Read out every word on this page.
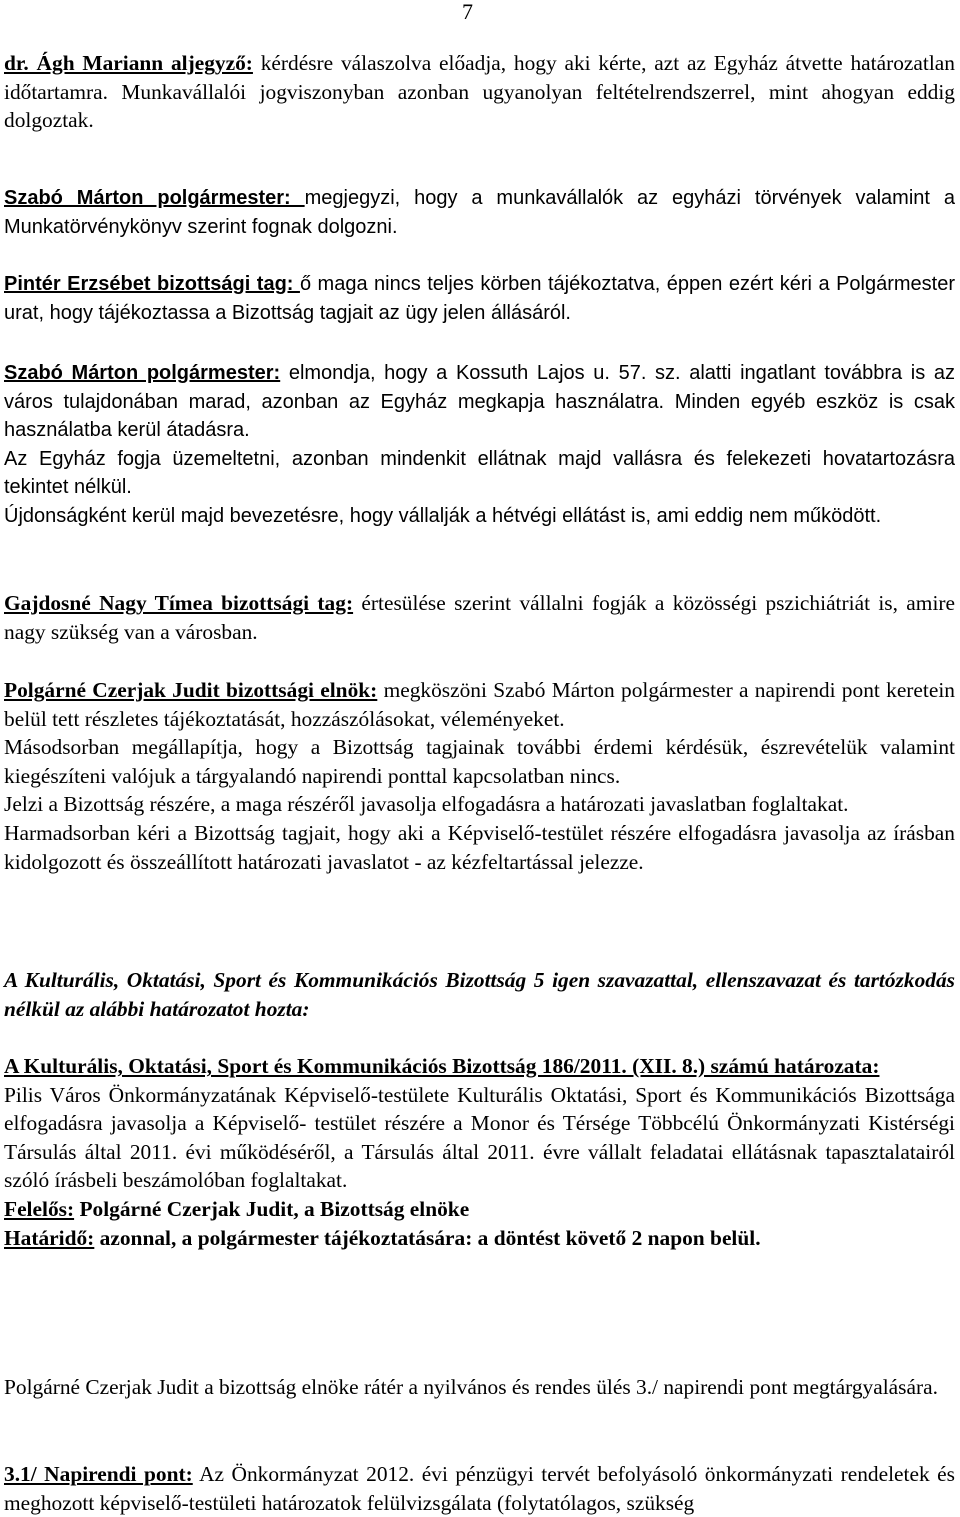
7

dr. Ágh Mariann aljegyző: kérdésre válaszolva előadja, hogy aki kérte, azt az Egyház átvette határozatlan időtartamra. Munkavállalói jogviszonyban azonban ugyanolyan feltételrendszerrel, mint ahogyan eddig dolgoztak.

Szabó Márton polgármester: megjegyzi, hogy a munkavállalók az egyházi törvények valamint a Munkatörvénykönyv szerint fognak dolgozni.

Pintér Erzsébet bizottsági tag: ő maga nincs teljes körben tájékoztatva, éppen ezért kéri a Polgármester urat, hogy tájékoztassa a Bizottság tagjait az ügy jelen állásáról.

Szabó Márton polgármester: elmondja, hogy a Kossuth Lajos u. 57. sz. alatti ingatlant továbbra is az város tulajdonában marad, azonban az Egyház megkapja használatra. Minden egyéb eszköz is csak használatba kerül átadásra.
Az Egyház fogja üzemeltetni, azonban mindenkit ellátnak majd vallásra és felekezeti hovatartozásra tekintet nélkül.
Újdonságként kerül majd bevezetésre, hogy vállalják a hétvégi ellátást is, ami eddig nem működött.

Gajdosné Nagy Tímea bizottsági tag: értesülése szerint vállalni fogják a közösségi pszichiátriát is, amire nagy szükség van a városban.

Polgárné Czerjak Judit bizottsági elnök: megköszöni Szabó Márton polgármester a napirendi pont keretein belül tett részletes tájékoztatását, hozzászólásokat, véleményeket.
Másodsorban megállapítja, hogy a Bizottság tagjainak további érdemi kérdésük, észrevételük valamint kiegészíteni valójuk a tárgyalandó napirendi ponttal kapcsolatban nincs.
Jelzi a Bizottság részére, a maga részéről javasolja elfogadásra a határozati javaslatban foglaltakat.
Harmadsorban kéri a Bizottság tagjait, hogy aki a Képviselő-testület részére elfogadásra javasolja az írásban kidolgozott és összeállított határozati javaslatot - az kézfeltartással jelezze.

A Kulturális, Oktatási, Sport és Kommunikációs Bizottság 5 igen szavazattal, ellenszavazat és tartózkodás nélkül az alábbi határozatot hozta:

A Kulturális, Oktatási, Sport és Kommunikációs Bizottság 186/2011. (XII. 8.) számú határozata:
Pilis Város Önkormányzatának Képviselő-testülete Kulturális Oktatási, Sport és Kommunikációs Bizottsága elfogadásra javasolja a Képviselő- testület részére a Monor és Térsége Többcélú Önkormányzati Kistérségi Társulás által 2011. évi működéséről, a Társulás által 2011. évre vállalt feladatai ellátásnak tapasztalatairól szóló írásbeli beszámolóban foglaltakat.
Felelős: Polgárné Czerjak Judit, a Bizottság elnöke
Határidő: azonnal, a polgármester tájékoztatására: a döntést követő 2 napon belül.

Polgárné Czerjak Judit a bizottság elnöke rátér a nyilvános és rendes ülés 3./ napirendi pont megtárgyalására.

3.1/ Napirendi pont: Az Önkormányzat 2012. évi pénzügyi tervét befolyásoló önkormányzati rendeletek és meghozott képviselő-testületi határozatok felülvizsgálata (folytatólagos, szükség
